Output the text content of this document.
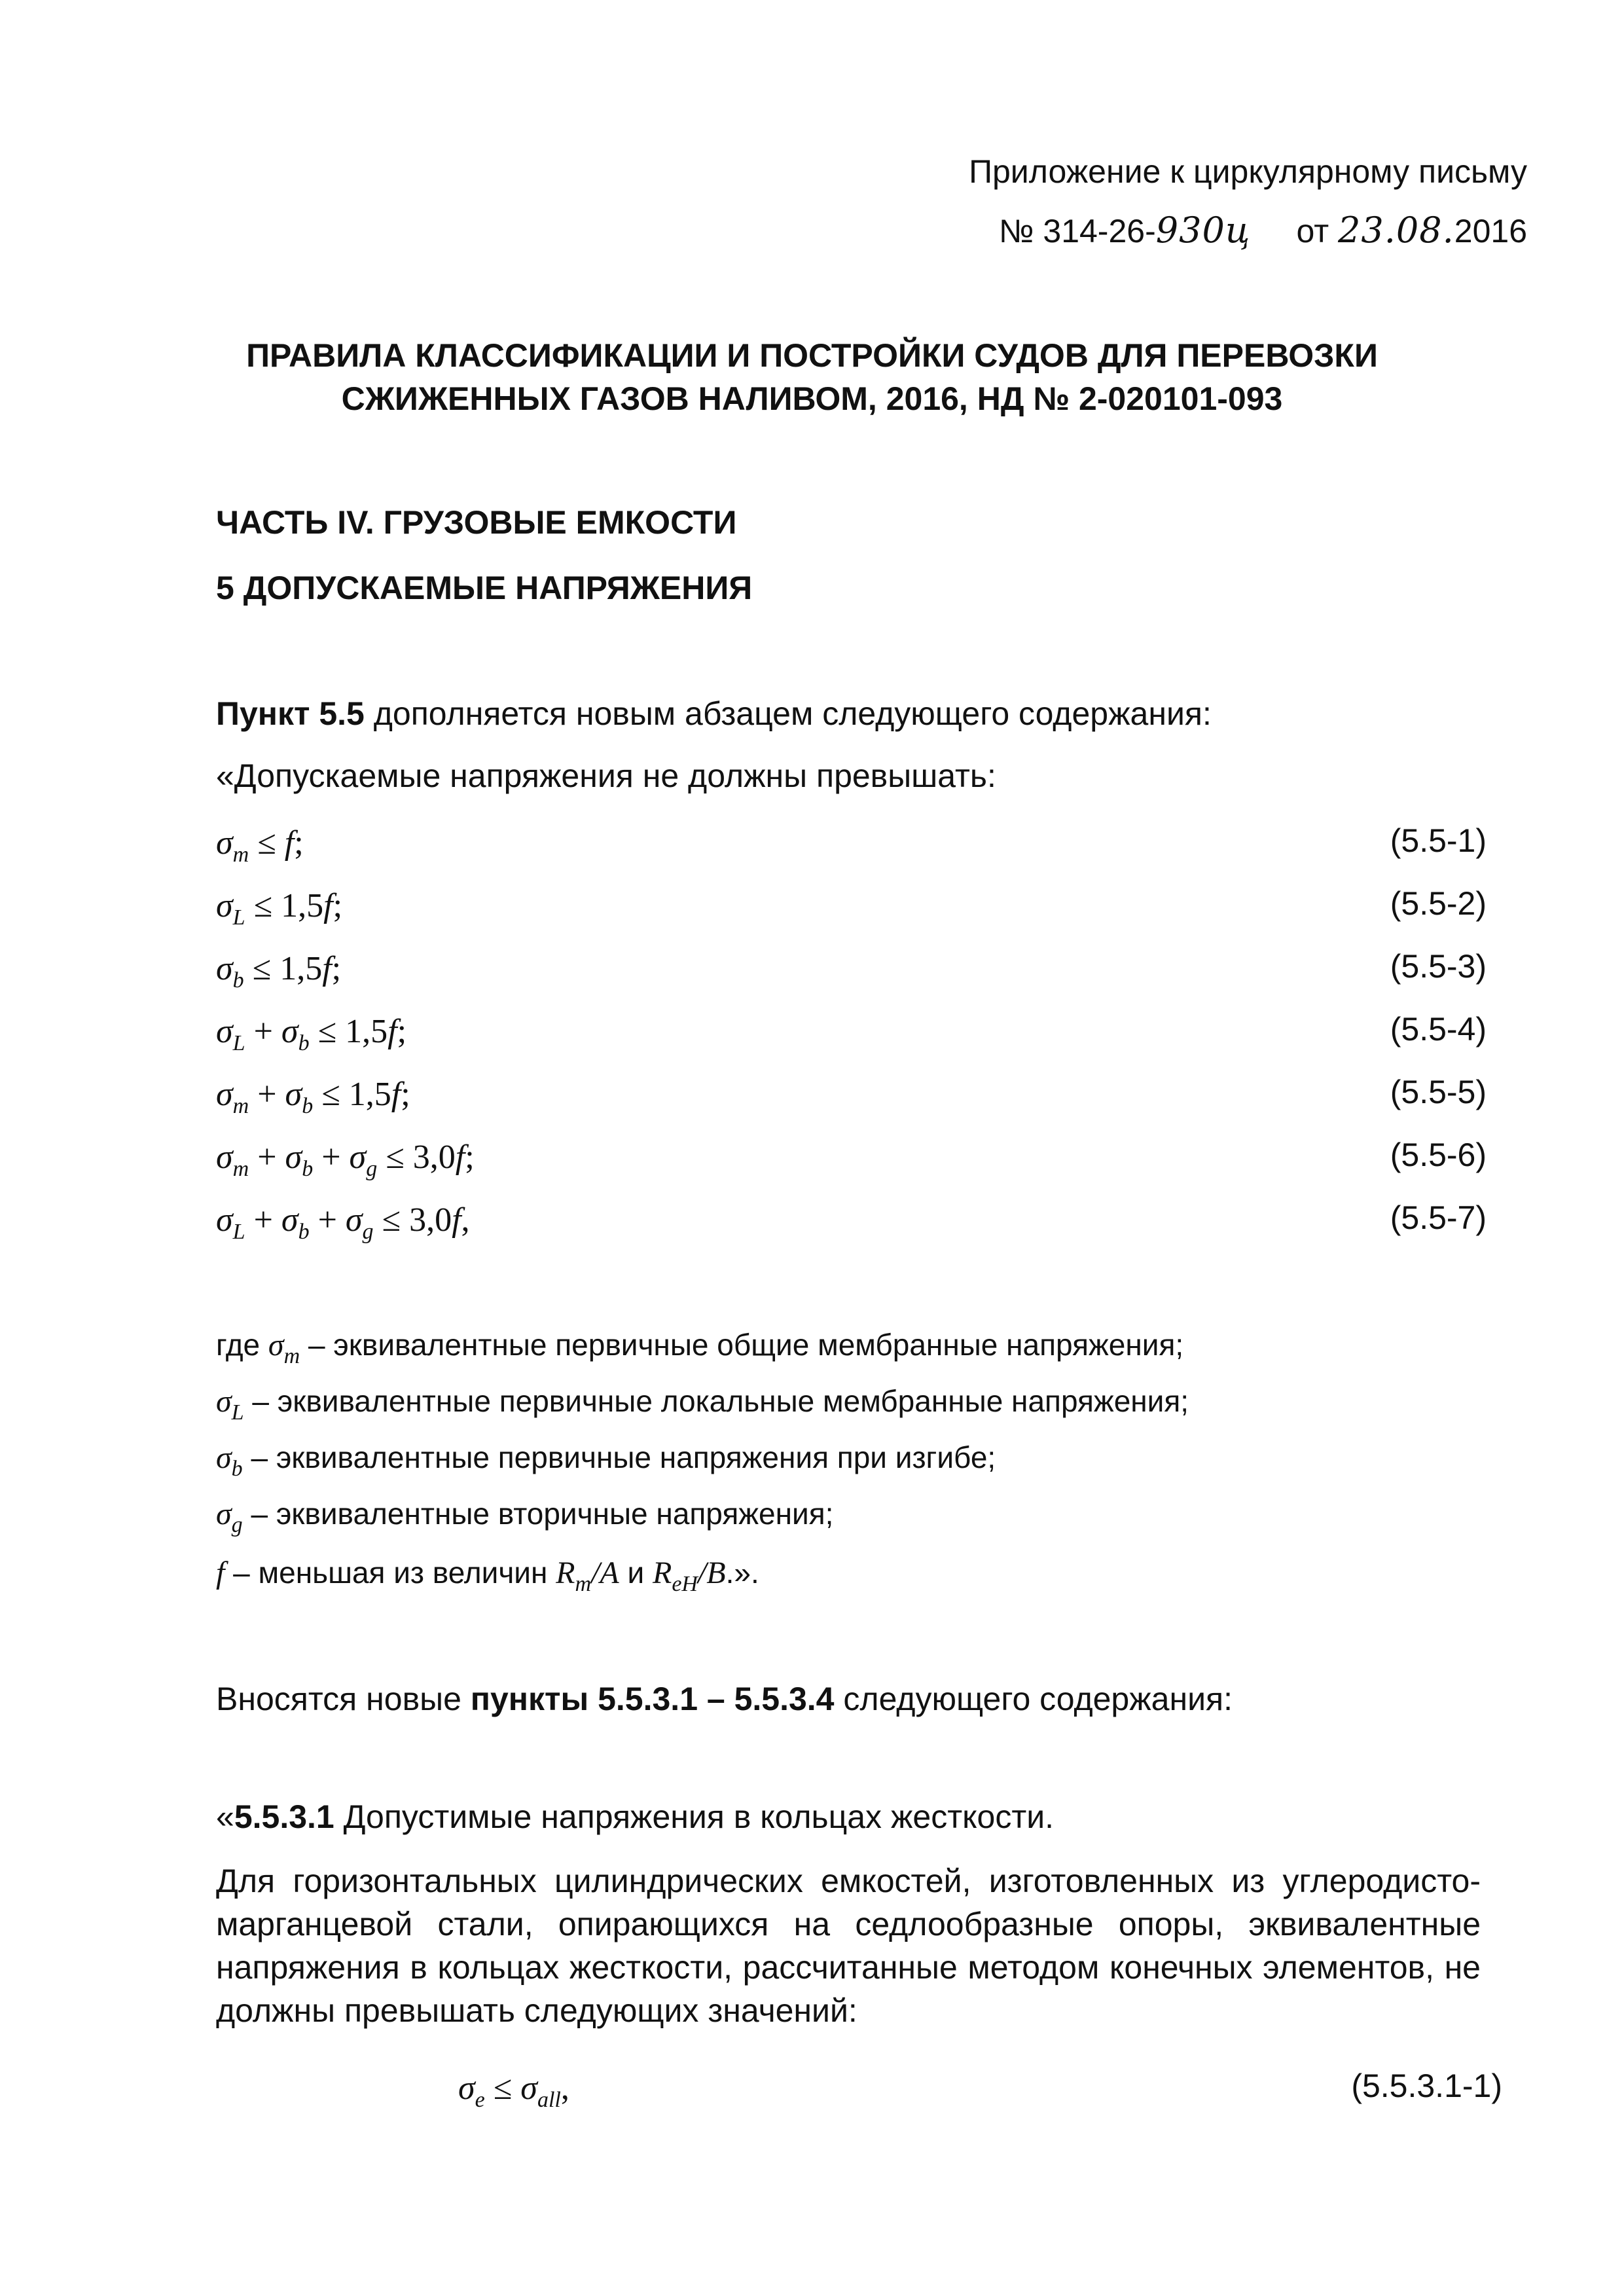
Приложение к циркулярному письму
№ 314-26-930ц от 23.08.2016
ПРАВИЛА КЛАССИФИКАЦИИ И ПОСТРОЙКИ СУДОВ ДЛЯ ПЕРЕВОЗКИ
СЖИЖЕННЫХ ГАЗОВ НАЛИВОМ, 2016, НД № 2-020101-093
ЧАСТЬ IV. ГРУЗОВЫЕ ЕМКОСТИ
5 ДОПУСКАЕМЫЕ НАПРЯЖЕНИЯ
Пункт 5.5 дополняется новым абзацем следующего содержания:
«Допускаемые напряжения не должны превышать:
$\sigma_m \le f$;	(5.5-1)
$\sigma_L \le 1,5f$;	(5.5-2)
$\sigma_b \le 1,5f$;	(5.5-3)
$\sigma_L + \sigma_b \le 1,5f$;	(5.5-4)
$\sigma_m + \sigma_b \le 1,5f$;	(5.5-5)
$\sigma_m + \sigma_b + \sigma_g \le 3,0f$;	(5.5-6)
$\sigma_L + \sigma_b + \sigma_g \le 3,0f$,	(5.5-7)
где $\sigma_m$ – эквивалентные первичные общие мембранные напряжения;
$\sigma_L$ – эквивалентные первичные локальные мембранные напряжения;
$\sigma_b$ – эквивалентные первичные напряжения при изгибе;
$\sigma_g$ – эквивалентные вторичные напряжения;
f – меньшая из величин $R_m/A$ и $R_{eH}/B$.».
Вносятся новые пункты 5.5.3.1 – 5.5.3.4 следующего содержания:
«5.5.3.1 Допустимые напряжения в кольцах жесткости.
Для горизонтальных цилиндрических емкостей, изготовленных из углеродисто-марганцевой стали, опирающихся на седлообразные опоры, эквивалентные напряжения в кольцах жесткости, рассчитанные методом конечных элементов, не должны превышать следующих значений:
$\sigma_e \le \sigma_{all}$,	(5.5.3.1-1)
